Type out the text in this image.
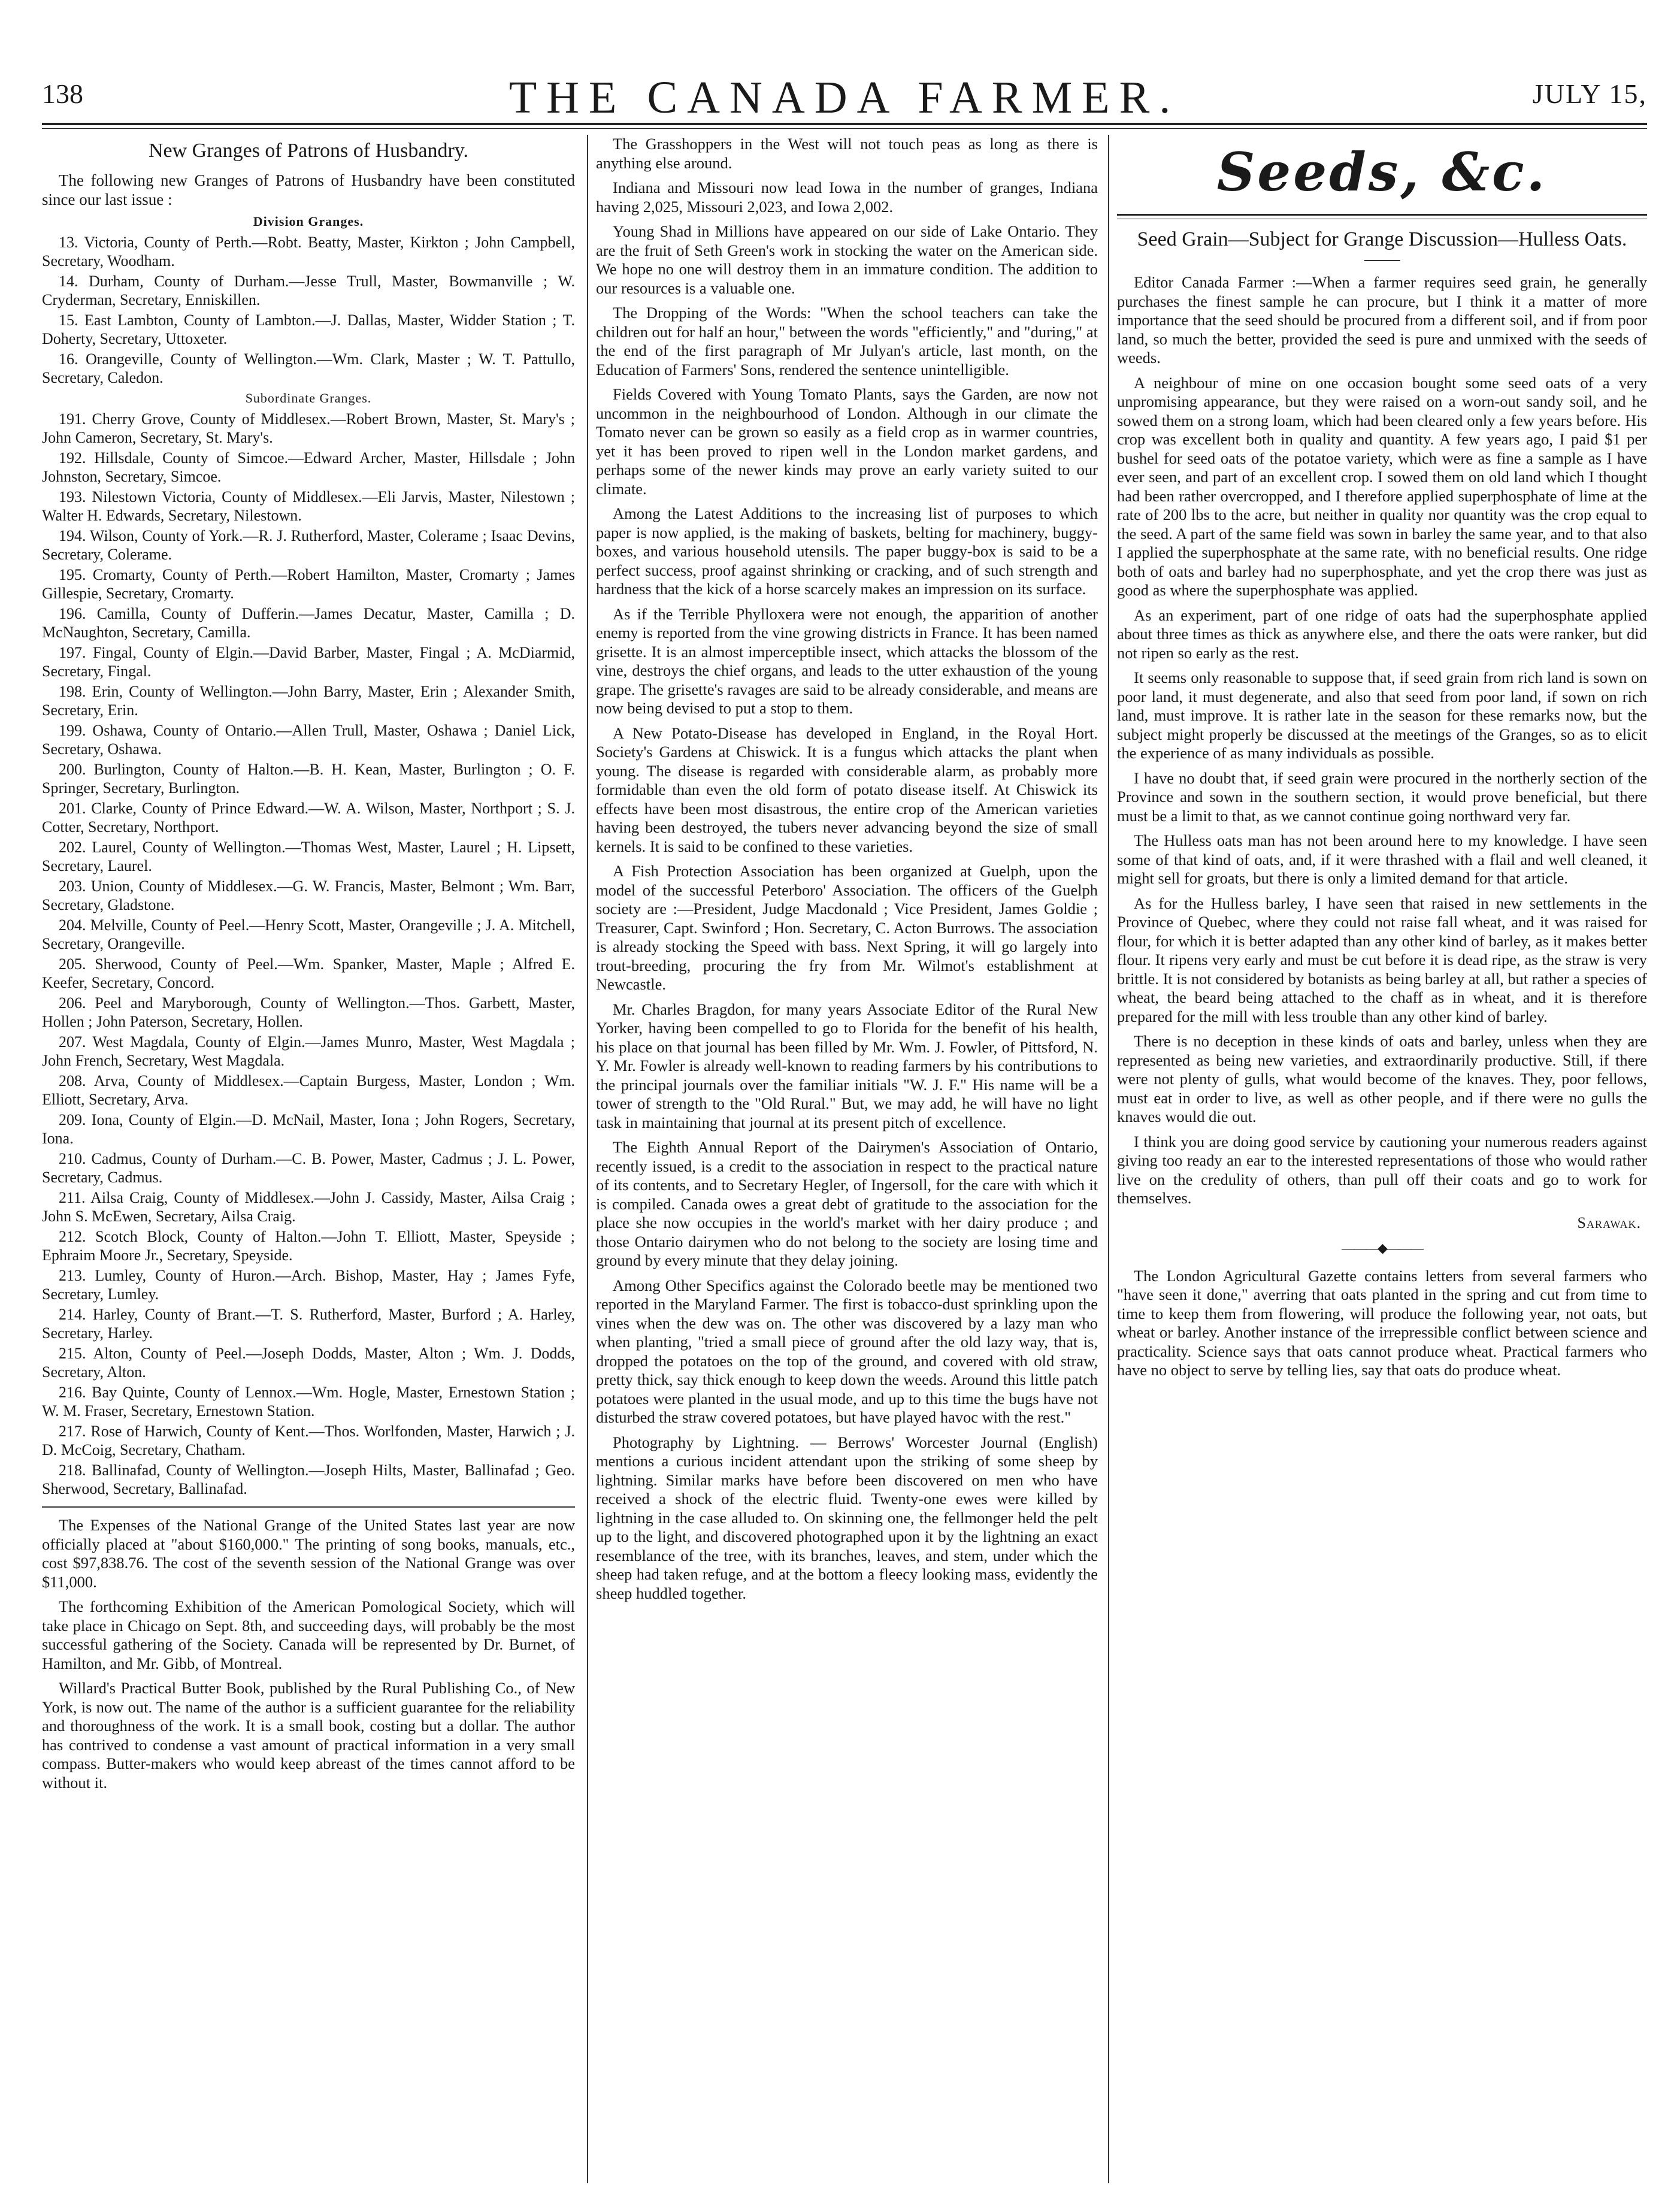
138	THE CANADA FARMER.	JULY 15,
New Granges of Patrons of Husbandry.
The following new Granges of Patrons of Husbandry have been constituted since our last issue :
Division Granges.
13. Victoria, County of Perth.—Robt. Beatty, Master, Kirkton ; John Campbell, Secretary, Woodham.
14. Durham, County of Durham.—Jesse Trull, Master, Bowmanville ; W. Cryderman, Secretary, Enniskillen.
15. East Lambton, County of Lambton.—J. Dallas, Master, Widder Station ; T. Doherty, Secretary, Uttoxeter.
16. Orangeville, County of Wellington.—Wm. Clark, Master ; W. T. Pattullo, Secretary, Caledon.
Subordinate Granges.
191. Cherry Grove, County of Middlesex.—Robert Brown, Master, St. Mary's ; John Cameron, Secretary, St. Mary's.
192. Hillsdale, County of Simcoe.—Edward Archer, Master, Hillsdale ; John Johnston, Secretary, Simcoe.
193. Nilestown Victoria, County of Middlesex.—Eli Jarvis, Master, Nilestown ; Walter H. Edwards, Secretary, Nilestown.
194. Wilson, County of York.—R. J. Rutherford, Master, Colerame ; Isaac Devins, Secretary, Colerame.
195. Cromarty, County of Perth.—Robert Hamilton, Master, Cromarty ; James Gillespie, Secretary, Cromarty.
196. Camilla, County of Dufferin.—James Decatur, Master, Camilla ; D. McNaughton, Secretary, Camilla.
197. Fingal, County of Elgin.—David Barber, Master, Fingal ; A. McDiarmid, Secretary, Fingal.
198. Erin, County of Wellington.—John Barry, Master, Erin ; Alexander Smith, Secretary, Erin.
199. Oshawa, County of Ontario.—Allen Trull, Master, Oshawa ; Daniel Lick, Secretary, Oshawa.
200. Burlington, County of Halton.—B. H. Kean, Master, Burlington ; O. F. Springer, Secretary, Burlington.
201. Clarke, County of Prince Edward.—W. A. Wilson, Master, Northport ; S. J. Cotter, Secretary, Northport.
202. Laurel, County of Wellington.—Thomas West, Master, Laurel ; H. Lipsett, Secretary, Laurel.
203. Union, County of Middlesex.—G. W. Francis, Master, Belmont ; Wm. Barr, Secretary, Gladstone.
204. Melville, County of Peel.—Henry Scott, Master, Orangeville ; J. A. Mitchell, Secretary, Orangeville.
205. Sherwood, County of Peel.—Wm. Spanker, Master, Maple ; Alfred E. Keefer, Secretary, Concord.
206. Peel and Maryborough, County of Wellington.—Thos. Garbett, Master, Hollen ; John Paterson, Secretary, Hollen.
207. West Magdala, County of Elgin.—James Munro, Master, West Magdala ; John French, Secretary, West Magdala.
208. Arva, County of Middlesex.—Captain Burgess, Master, London ; Wm. Elliott, Secretary, Arva.
209. Iona, County of Elgin.—D. McNail, Master, Iona ; John Rogers, Secretary, Iona.
210. Cadmus, County of Durham.—C. B. Power, Master, Cadmus ; J. L. Power, Secretary, Cadmus.
211. Ailsa Craig, County of Middlesex.—John J. Cassidy, Master, Ailsa Craig ; John S. McEwen, Secretary, Ailsa Craig.
212. Scotch Block, County of Halton.—John T. Elliott, Master, Speyside ; Ephraim Moore Jr., Secretary, Speyside.
213. Lumley, County of Huron.—Arch. Bishop, Master, Hay ; James Fyfe, Secretary, Lumley.
214. Harley, County of Brant.—T. S. Rutherford, Master, Burford ; A. Harley, Secretary, Harley.
215. Alton, County of Peel.—Joseph Dodds, Master, Alton ; Wm. J. Dodds, Secretary, Alton.
216. Bay Quinte, County of Lennox.—Wm. Hogle, Master, Ernestown Station ; W. M. Fraser, Secretary, Ernestown Station.
217. Rose of Harwich, County of Kent.—Thos. Worlfonden, Master, Harwich ; J. D. McCoig, Secretary, Chatham.
218. Ballinafad, County of Wellington.—Joseph Hilts, Master, Ballinafad ; Geo. Sherwood, Secretary, Ballinafad.

The Expenses of the National Grange of the United States last year are now officially placed at "about $160,000." The printing of song books, manuals, etc., cost $97,838.76. The cost of the seventh session of the National Grange was over $11,000.

The forthcoming Exhibition of the American Pomological Society, which will take place in Chicago on Sept. 8th, and succeeding days, will probably be the most successful gathering of the Society. Canada will be represented by Dr. Burnet, of Hamilton, and Mr. Gibb, of Montreal.

Willard's Practical Butter Book, published by the Rural Publishing Co., of New York, is now out. The name of the author is a sufficient guarantee for the reliability and thoroughness of the work. It is a small book, costing but a dollar. The author has contrived to condense a vast amount of practical information in a very small compass. Butter-makers who would keep abreast of the times cannot afford to be without it.

The Grasshoppers in the West will not touch peas as long as there is anything else around.

Indiana and Missouri now lead Iowa in the number of granges, Indiana having 2,025, Missouri 2,023, and Iowa 2,002.

Young Shad in Millions have appeared on our side of Lake Ontario. They are the fruit of Seth Green's work in stocking the water on the American side. We hope no one will destroy them in an immature condition. The addition to our resources is a valuable one.

The Dropping of the Words: "When the school teachers can take the children out for half an hour," between the words "efficiently," and "during," at the end of the first paragraph of Mr Julyan's article, last month, on the Education of Farmers' Sons, rendered the sentence unintelligible.

Fields Covered with Young Tomato Plants, says the Garden, are now not uncommon in the neighbourhood of London. Although in our climate the Tomato never can be grown so easily as a field crop as in warmer countries, yet it has been proved to ripen well in the London market gardens, and perhaps some of the newer kinds may prove an early variety suited to our climate.

Among the Latest Additions to the increasing list of purposes to which paper is now applied, is the making of baskets, belting for machinery, buggy-boxes, and various household utensils. The paper buggy-box is said to be a perfect success, proof against shrinking or cracking, and of such strength and hardness that the kick of a horse scarcely makes an impression on its surface.

As if the Terrible Phylloxera were not enough, the apparition of another enemy is reported from the vine growing districts in France. It has been named grisette. It is an almost imperceptible insect, which attacks the blossom of the vine, destroys the chief organs, and leads to the utter exhaustion of the young grape. The grisette's ravages are said to be already considerable, and means are now being devised to put a stop to them.

A New Potato-Disease has developed in England, in the Royal Hort. Society's Gardens at Chiswick. It is a fungus which attacks the plant when young. The disease is regarded with considerable alarm, as probably more formidable than even the old form of potato disease itself. At Chiswick its effects have been most disastrous, the entire crop of the American varieties having been destroyed, the tubers never advancing beyond the size of small kernels. It is said to be confined to these varieties.

A Fish Protection Association has been organized at Guelph, upon the model of the successful Peterboro' Association. The officers of the Guelph society are :—President, Judge Macdonald ; Vice President, James Goldie ; Treasurer, Capt. Swinford ; Hon. Secretary, C. Acton Burrows. The association is already stocking the Speed with bass. Next Spring, it will go largely into trout-breeding, procuring the fry from Mr. Wilmot's establishment at Newcastle.

Mr. Charles Bragdon, for many years Associate Editor of the Rural New Yorker, having been compelled to go to Florida for the benefit of his health, his place on that journal has been filled by Mr. Wm. J. Fowler, of Pittsford, N. Y. Mr. Fowler is already well-known to reading farmers by his contributions to the principal journals over the familiar initials "W. J. F." His name will be a tower of strength to the "Old Rural." But, we may add, he will have no light task in maintaining that journal at its present pitch of excellence.

The Eighth Annual Report of the Dairymen's Association of Ontario, recently issued, is a credit to the association in respect to the practical nature of its contents, and to Secretary Hegler, of Ingersoll, for the care with which it is compiled. Canada owes a great debt of gratitude to the association for the place she now occupies in the world's market with her dairy produce ; and those Ontario dairymen who do not belong to the society are losing time and ground by every minute that they delay joining.

Among Other Specifics against the Colorado beetle may be mentioned two reported in the Maryland Farmer. The first is tobacco-dust sprinkling upon the vines when the dew was on. The other was discovered by a lazy man who when planting, "tried a small piece of ground after the old lazy way, that is, dropped the potatoes on the top of the ground, and covered with old straw, pretty thick, say thick enough to keep down the weeds. Around this little patch potatoes were planted in the usual mode, and up to this time the bugs have not disturbed the straw covered potatoes, but have played havoc with the rest."

Photography by Lightning. — Berrows' Worcester Journal (English) mentions a curious incident attendant upon the striking of some sheep by lightning. Similar marks have before been discovered on men who have received a shock of the electric fluid. Twenty-one ewes were killed by lightning in the case alluded to. On skinning one, the fellmonger held the pelt up to the light, and discovered photographed upon it by the lightning an exact resemblance of the tree, with its branches, leaves, and stem, under which the sheep had taken refuge, and at the bottom a fleecy looking mass, evidently the sheep huddled together.

Seeds, &c.
Seed Grain—Subject for Grange Discussion—Hulless Oats.

Editor Canada Farmer :—When a farmer requires seed grain, he generally purchases the finest sample he can procure, but I think it a matter of more importance that the seed should be procured from a different soil, and if from poor land, so much the better, provided the seed is pure and unmixed with the seeds of weeds.

A neighbour of mine on one occasion bought some seed oats of a very unpromising appearance, but they were raised on a worn-out sandy soil, and he sowed them on a strong loam, which had been cleared only a few years before. His crop was excellent both in quality and quantity. A few years ago, I paid $1 per bushel for seed oats of the potatoe variety, which were as fine a sample as I have ever seen, and part of an excellent crop. I sowed them on old land which I thought had been rather overcropped, and I therefore applied superphosphate of lime at the rate of 200 lbs to the acre, but neither in quality nor quantity was the crop equal to the seed. A part of the same field was sown in barley the same year, and to that also I applied the superphosphate at the same rate, with no beneficial results. One ridge both of oats and barley had no superphosphate, and yet the crop there was just as good as where the superphosphate was applied.

As an experiment, part of one ridge of oats had the superphosphate applied about three times as thick as anywhere else, and there the oats were ranker, but did not ripen so early as the rest.

It seems only reasonable to suppose that, if seed grain from rich land is sown on poor land, it must degenerate, and also that seed from poor land, if sown on rich land, must improve. It is rather late in the season for these remarks now, but the subject might properly be discussed at the meetings of the Granges, so as to elicit the experience of as many individuals as possible.

I have no doubt that, if seed grain were procured in the northerly section of the Province and sown in the southern section, it would prove beneficial, but there must be a limit to that, as we cannot continue going northward very far.

The Hulless oats man has not been around here to my knowledge. I have seen some of that kind of oats, and, if it were thrashed with a flail and well cleaned, it might sell for groats, but there is only a limited demand for that article.

As for the Hulless barley, I have seen that raised in new settlements in the Province of Quebec, where they could not raise fall wheat, and it was raised for flour, for which it is better adapted than any other kind of barley, as it makes better flour. It ripens very early and must be cut before it is dead ripe, as the straw is very brittle. It is not considered by botanists as being barley at all, but rather a species of wheat, the beard being attached to the chaff as in wheat, and it is therefore prepared for the mill with less trouble than any other kind of barley.

There is no deception in these kinds of oats and barley, unless when they are represented as being new varieties, and extraordinarily productive. Still, if there were not plenty of gulls, what would become of the knaves. They, poor fellows, must eat in order to live, as well as other people, and if there were no gulls the knaves would die out.

I think you are doing good service by cautioning your numerous readers against giving too ready an ear to the interested representations of those who would rather live on the credulity of others, than pull off their coats and go to work for themselves.

Sarawak.
———◆———

The London Agricultural Gazette contains letters from several farmers who "have seen it done," averring that oats planted in the spring and cut from time to time to keep them from flowering, will produce the following year, not oats, but wheat or barley. Another instance of the irrepressible conflict between science and practicality. Science says that oats cannot produce wheat. Practical farmers who have no object to serve by telling lies, say that oats do produce wheat.
